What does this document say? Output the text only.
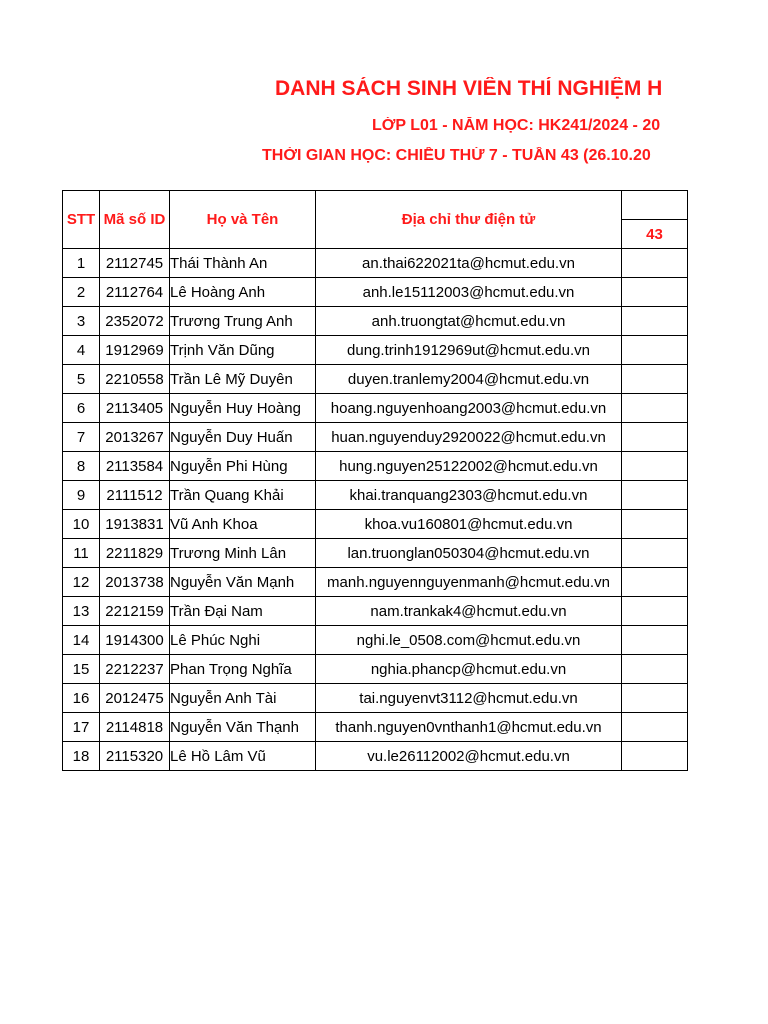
DANH SÁCH SINH VIÊN THÍ NGHIỆM H
LỚP L01 - NĂM HỌC: HK241/2024 - 20
THỜI GIAN HỌC: CHIỀU THỨ 7 - TUẦN 43 (26.10.20
STT	Mã số ID	Họ và Tên	Địa chỉ thư điện tử	
				43
1	2112745	Thái Thành An	an.thai622021ta@hcmut.edu.vn	
2	2112764	Lê Hoàng Anh	anh.le15112003@hcmut.edu.vn	
3	2352072	Trương Trung Anh	anh.truongtat@hcmut.edu.vn	
4	1912969	Trịnh Văn Dũng	dung.trinh1912969ut@hcmut.edu.vn	
5	2210558	Trần Lê Mỹ Duyên	duyen.tranlemy2004@hcmut.edu.vn	
6	2113405	Nguyễn Huy Hoàng	hoang.nguyenhoang2003@hcmut.edu.vn	
7	2013267	Nguyễn Duy Huấn	huan.nguyenduy2920022@hcmut.edu.vn	
8	2113584	Nguyễn Phi Hùng	hung.nguyen25122002@hcmut.edu.vn	
9	2111512	Trần Quang Khải	khai.tranquang2303@hcmut.edu.vn	
10	1913831	Vũ Anh Khoa	khoa.vu160801@hcmut.edu.vn	
11	2211829	Trương Minh Lân	lan.truonglan050304@hcmut.edu.vn	
12	2013738	Nguyễn Văn Mạnh	manh.nguyennguyenmanh@hcmut.edu.vn	
13	2212159	Trần Đại Nam	nam.trankak4@hcmut.edu.vn	
14	1914300	Lê Phúc Nghi	nghi.le_0508.com@hcmut.edu.vn	
15	2212237	Phan Trọng Nghĩa	nghia.phancp@hcmut.edu.vn	
16	2012475	Nguyễn Anh Tài	tai.nguyenvt3112@hcmut.edu.vn	
17	2114818	Nguyễn Văn Thạnh	thanh.nguyen0vnthanh1@hcmut.edu.vn	
18	2115320	Lê Hồ Lâm Vũ	vu.le26112002@hcmut.edu.vn	
